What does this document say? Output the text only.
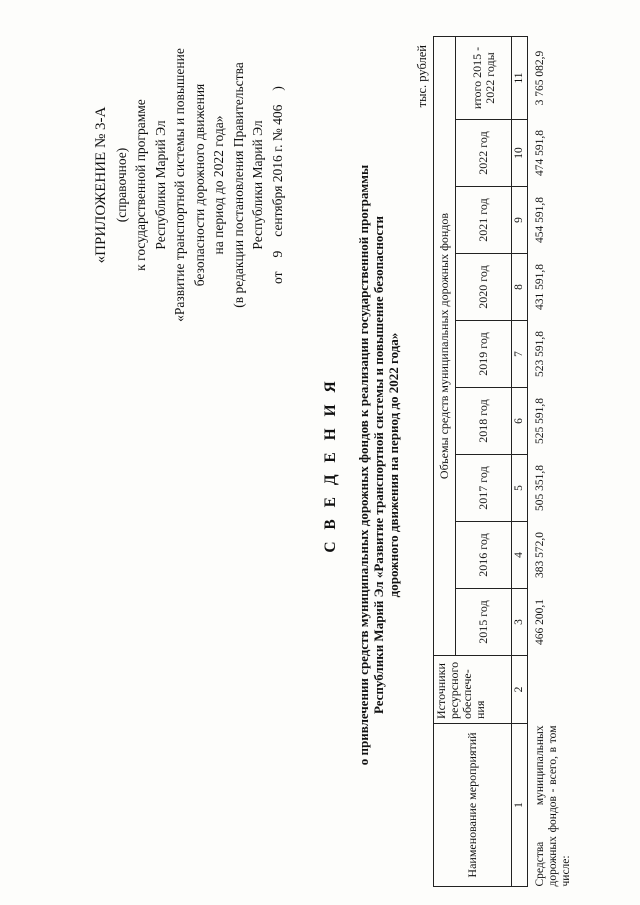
«ПРИЛОЖЕНИЕ № 3-А (справочное) к государственной программе Республики Марий Эл «Развитие транспортной системы и повышение безопасности дорожного движения на период до 2022 года» (в редакции постановления Правительства Республики Марий Эл
от9сентября 2016 г. № 406)
С В Е Д Е Н И Я о привлечении средств муниципальных дорожных фондов к реализации государственной программы Республики Марий Эл «Развитие транспортной системы и повышение безопасности дорожного движения на период до 2022 года»
тыс. рублей
Наименование мероприятий	Источники ресурсного обеспече-ния	Объемы средств муниципальных дорожных фондов								
		2015 год	2016 год	2017 год	2018 год	2019 год	2020 год	2021 год	2022 год	итого 2015 - 2022 годы
1	2	3	4	5	6	7	8	9	10	11
Средства муниципальных дорожных фондов - всего, в том числе:		466 200,1	383 572,0	505 351,8	525 591,8	523 591,8	431 591,8	454 591,8	474 591,8	3 765 082,9
